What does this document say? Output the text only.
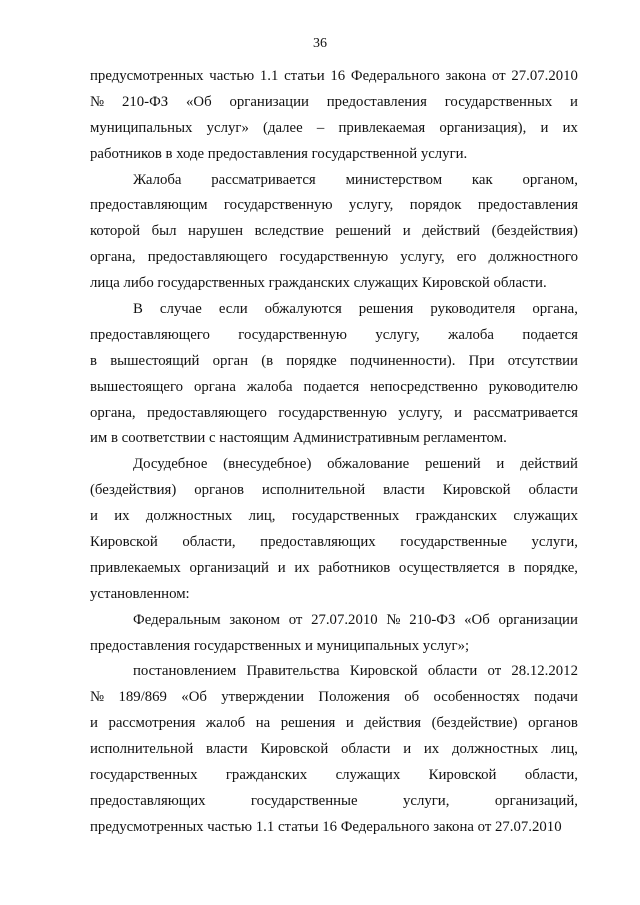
36
предусмотренных частью 1.1 статьи 16 Федерального закона от 27.07.2010
№ 210-ФЗ «Об организации предоставления государственных и
муниципальных услуг» (далее – привлекаемая организация), и их
работников в ходе предоставления государственной услуги.
Жалоба рассматривается министерством как органом,
предоставляющим государственную услугу, порядок предоставления
которой был нарушен вследствие решений и действий (бездействия)
органа, предоставляющего государственную услугу, его должностного
лица либо государственных гражданских служащих Кировской области.
В случае если обжалуются решения руководителя органа,
предоставляющего государственную услугу, жалоба подается
в вышестоящий орган (в порядке подчиненности). При отсутствии
вышестоящего органа жалоба подается непосредственно руководителю
органа, предоставляющего государственную услугу, и рассматривается
им в соответствии с настоящим Административным регламентом.
Досудебное (внесудебное) обжалование решений и действий
(бездействия) органов исполнительной власти Кировской области
и их должностных лиц, государственных гражданских служащих
Кировской области, предоставляющих государственные услуги,
привлекаемых организаций и их работников осуществляется в порядке,
установленном:
Федеральным законом от 27.07.2010 № 210-ФЗ «Об организации
предоставления государственных и муниципальных услуг»;
постановлением Правительства Кировской области от 28.12.2012
№ 189/869 «Об утверждении Положения об особенностях подачи
и рассмотрения жалоб на решения и действия (бездействие) органов
исполнительной власти Кировской области и их должностных лиц,
государственных гражданских служащих Кировской области,
предоставляющих	государственные	услуги,	организаций,
предусмотренных частью 1.1 статьи 16 Федерального закона от 27.07.2010
